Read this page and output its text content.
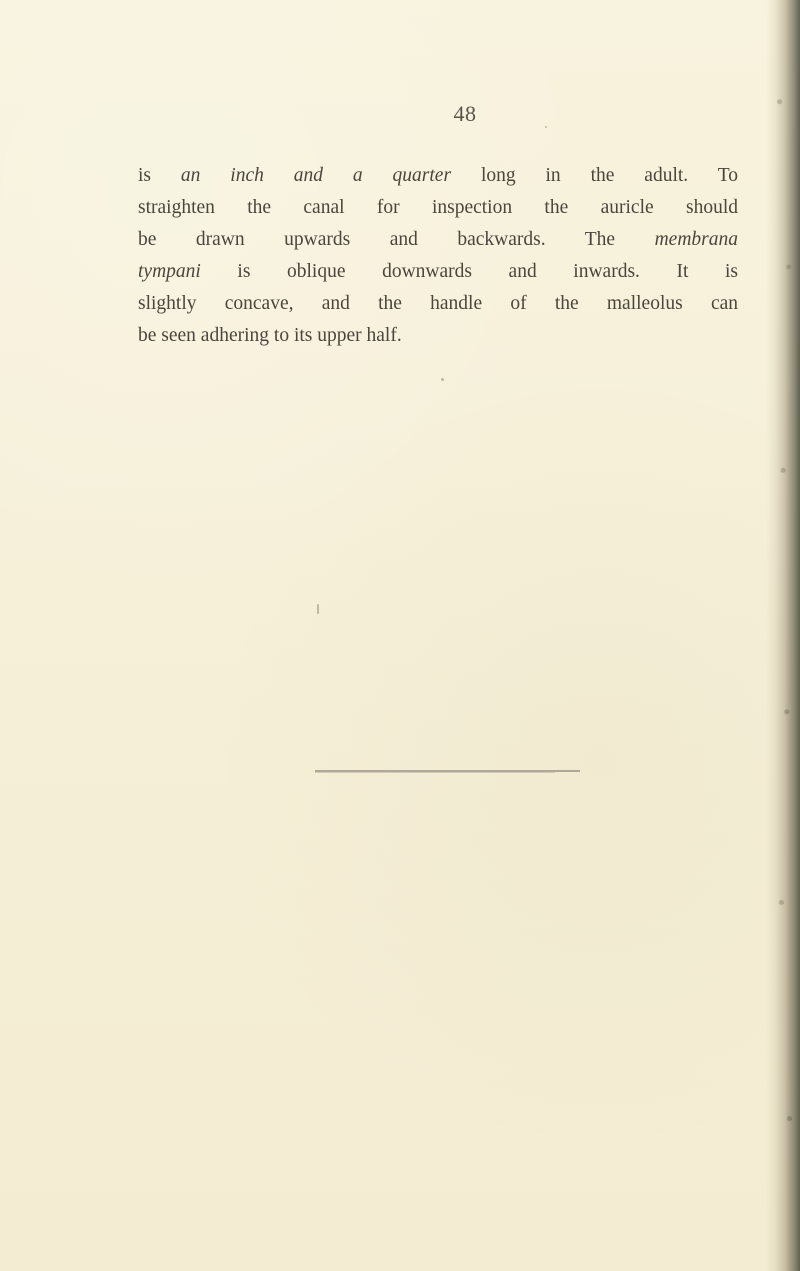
48

is an inch and a quarter long in the adult. To
straighten the canal for inspection the auricle should
be drawn upwards and backwards. The membrana
tympani is oblique downwards and inwards. It is
slightly concave, and the handle of the malleolus can
be seen adhering to its upper half.
